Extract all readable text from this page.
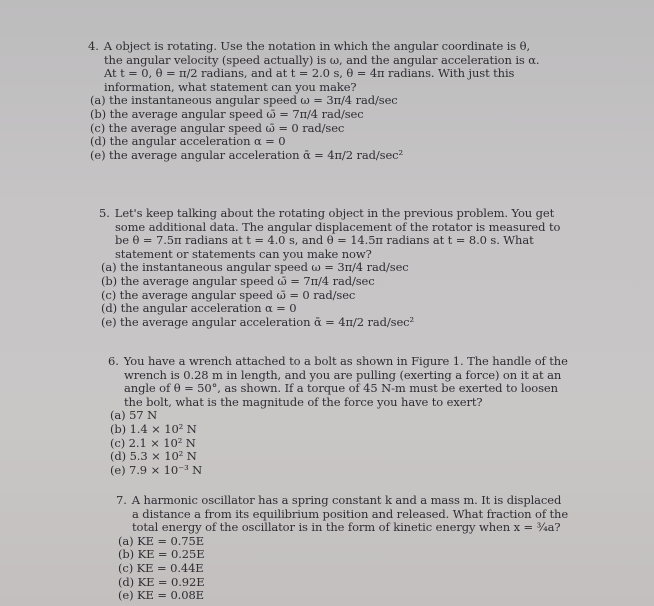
4. A object is rotating. Use the notation in which the angular coordinate is θ,
the angular velocity (speed actually) is ω, and the angular acceleration is α.
At t = 0, θ = π/2 radians, and at t = 2.0 s, θ = 4π radians. With just this
information, what statement can you make?
(a) the instantaneous angular speed ω = 3π/4 rad/sec
(b) the average angular speed ω̄ = 7π/4 rad/sec
(c) the average angular speed ω̄ = 0 rad/sec
(d) the angular acceleration α = 0
(e) the average angular acceleration ᾱ = 4π/2 rad/sec²
5. Let's keep talking about the rotating object in the previous problem. You get
some additional data. The angular displacement of the rotator is measured to
be θ = 7.5π radians at t = 4.0 s, and θ = 14.5π radians at t = 8.0 s. What
statement or statements can you make now?
(a) the instantaneous angular speed ω = 3π/4 rad/sec
(b) the average angular speed ω̄ = 7π/4 rad/sec
(c) the average angular speed ω̄ = 0 rad/sec
(d) the angular acceleration α = 0
(e) the average angular acceleration ᾱ = 4π/2 rad/sec²
6. You have a wrench attached to a bolt as shown in Figure 1. The handle of the
wrench is 0.28 m in length, and you are pulling (exerting a force) on it at an
angle of θ = 50°, as shown. If a torque of 45 N-m must be exerted to loosen
the bolt, what is the magnitude of the force you have to exert?
(a) 57 N
(b) 1.4 × 10² N
(c) 2.1 × 10² N
(d) 5.3 × 10² N
(e) 7.9 × 10⁻³ N
7. A harmonic oscillator has a spring constant k and a mass m. It is displaced
a distance a from its equilibrium position and released. What fraction of the
total energy of the oscillator is in the form of kinetic energy when x = ¾a?
(a) KE = 0.75E
(b) KE = 0.25E
(c) KE = 0.44E
(d) KE = 0.92E
(e) KE = 0.08E
